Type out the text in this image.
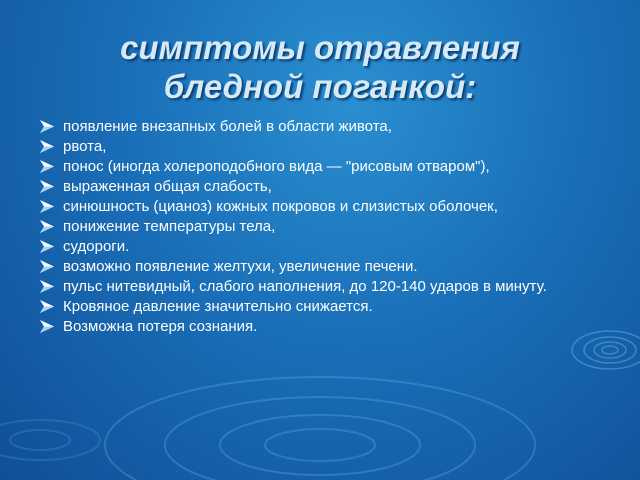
симптомы отравления
бледной поганкой:
появление внезапных болей в области живота,
рвота,
понос (иногда холероподобного вида — "рисовым отваром"),
выраженная общая слабость,
синюшность (цианоз) кожных покровов и слизистых оболочек,
понижение температуры тела,
судороги.
возможно появление желтухи, увеличение печени.
пульс нитевидный, слабого наполнения, до 120-140 ударов в минуту.
Кровяное давление значительно снижается.
Возможна потеря сознания.
